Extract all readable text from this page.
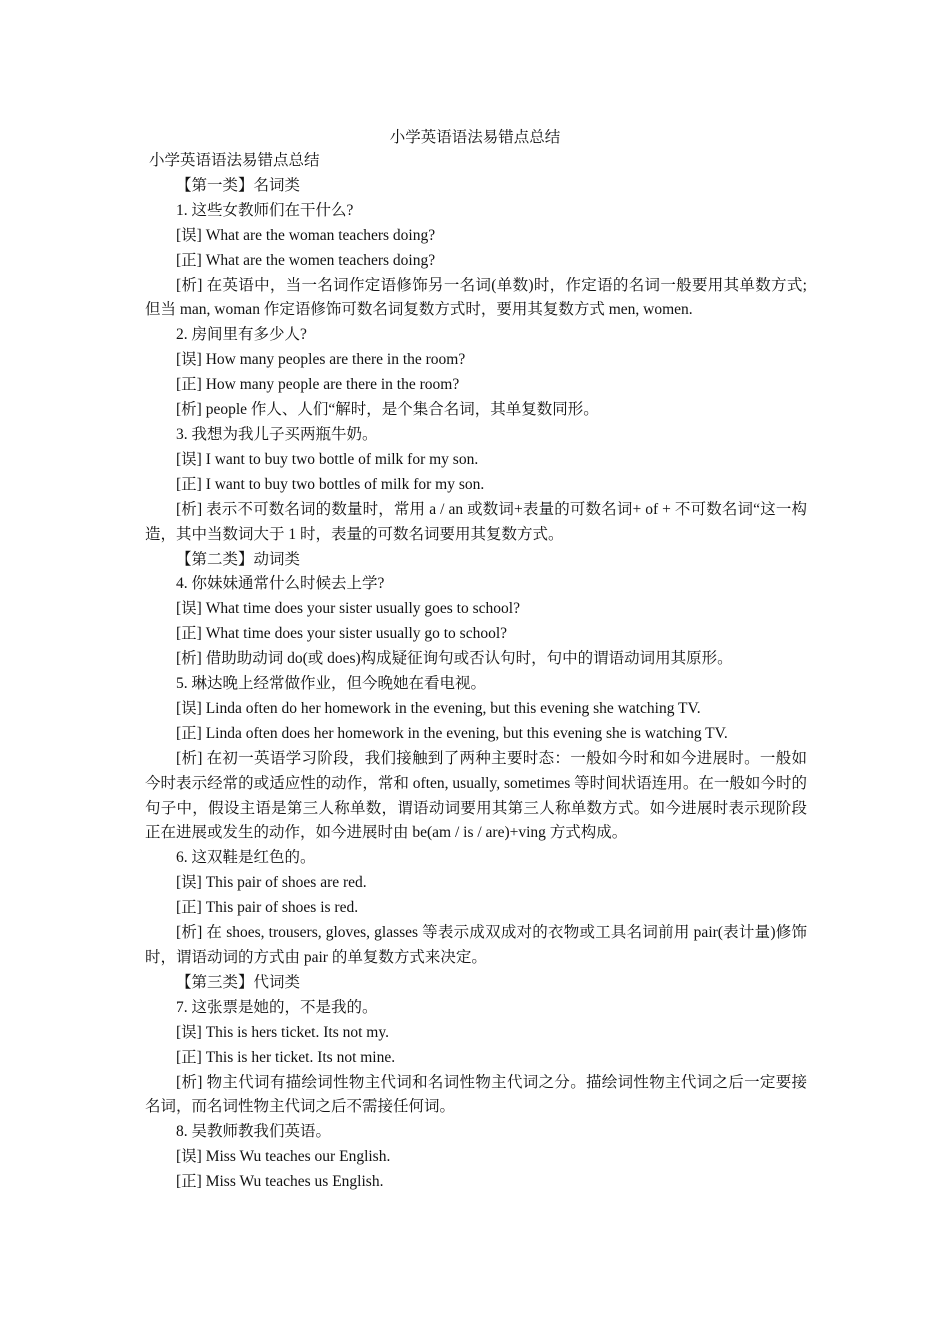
小学英语语法易错点总结

小学英语语法易错点总结

【第一类】名词类

1. 这些女教师们在干什么?

[误] What are the woman teachers doing?

[正] What are the women teachers doing?

[析] 在英语中，当一名词作定语修饰另一名词(单数)时，作定语的名词一般要用其单数方式;但当 man, woman 作定语修饰可数名词复数方式时，要用其复数方式 men, women.

2. 房间里有多少人?

[误] How many peoples are there in the room?

[正] How many people are there in the room?

[析] people 作人、人们“解时，是个集合名词，其单复数同形。

3. 我想为我儿子买两瓶牛奶。

[误] I want to buy two bottle of milk for my son.

[正] I want to buy two bottles of milk for my son.

[析] 表示不可数名词的数量时，常用 a / an 或数词+表量的可数名词+ of + 不可数名词“这一构造，其中当数词大于 1 时，表量的可数名词要用其复数方式。

【第二类】动词类

4. 你妹妹通常什么时候去上学?

[误] What time does your sister usually goes to school?

[正] What time does your sister usually go to school?

[析] 借助助动词 do(或 does)构成疑征询句或否认句时，句中的谓语动词用其原形。

5. 琳达晚上经常做作业，但今晚她在看电视。

[误] Linda often do her homework in the evening, but this evening she watching TV.

[正] Linda often does her homework in the evening, but this evening she is watching TV.

[析] 在初一英语学习阶段，我们接触到了两种主要时态：一般如今时和如今进展时。一般如今时表示经常的或适应性的动作，常和 often, usually, sometimes 等时间状语连用。在一般如今时的句子中，假设主语是第三人称单数，谓语动词要用其第三人称单数方式。如今进展时表示现阶段正在进展或发生的动作，如今进展时由 be(am / is / are)+ving 方式构成。

6. 这双鞋是红色的。

[误] This pair of shoes are red.

[正] This pair of shoes is red.

[析] 在 shoes, trousers, gloves, glasses 等表示成双成对的衣物或工具名词前用 pair(表计量)修饰时，谓语动词的方式由 pair 的单复数方式来决定。

【第三类】代词类

7. 这张票是她的，不是我的。

[误] This is hers ticket. Its not my.

[正] This is her ticket. Its not mine.

[析] 物主代词有描绘词性物主代词和名词性物主代词之分。描绘词性物主代词之后一定要接名词，而名词性物主代词之后不需接任何词。

8. 吴教师教我们英语。

[误] Miss Wu teaches our English.

[正] Miss Wu teaches us English.
